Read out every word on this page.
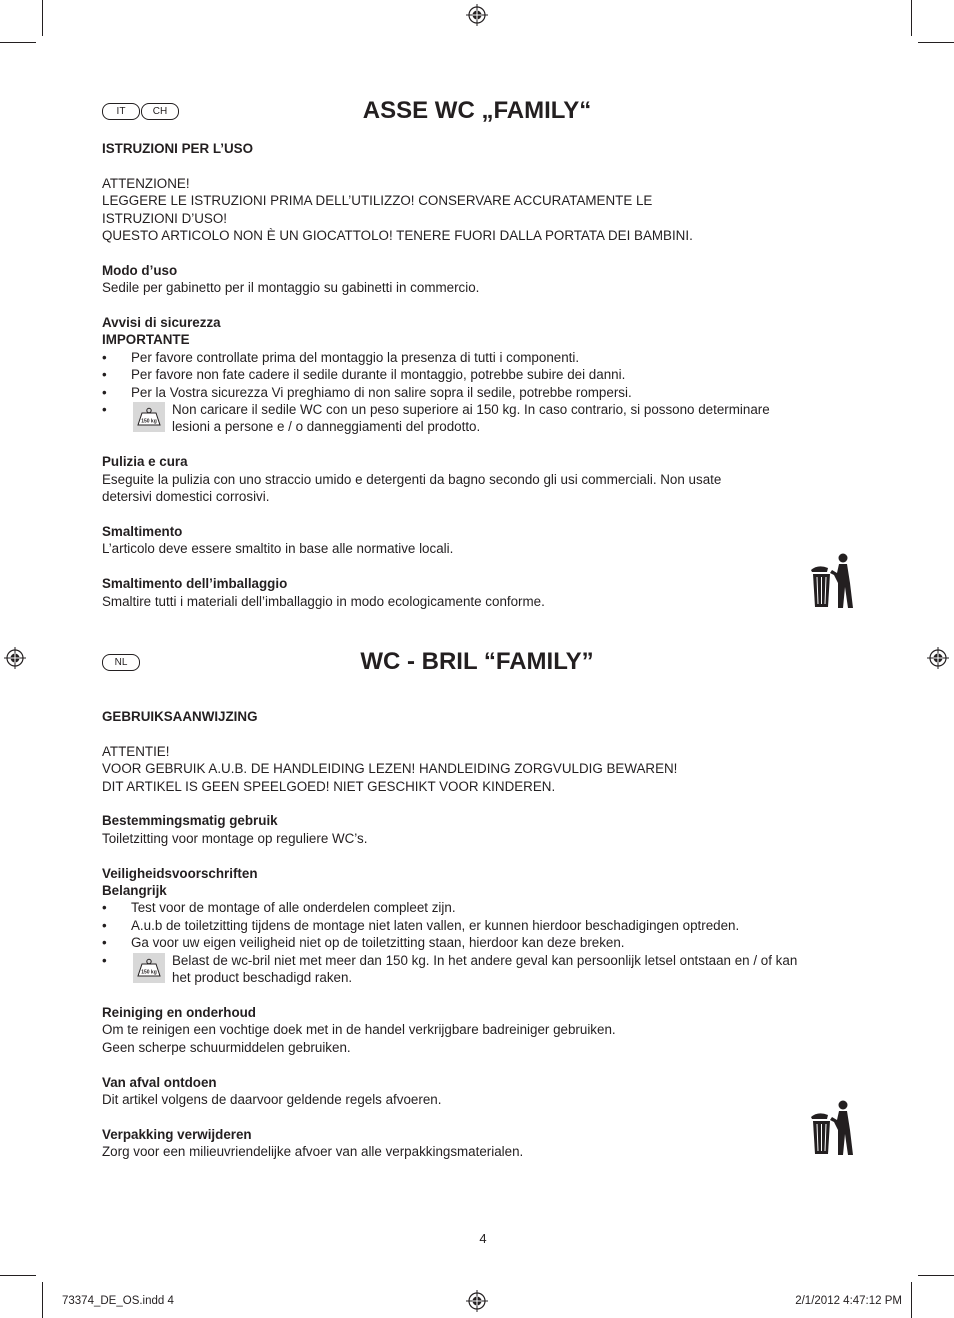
IT	CH	ASSE WC „FAMILY“
ISTRUZIONI PER L’USO
ATTENZIONE!
LEGGERE LE ISTRUZIONI PRIMA DELL’UTILIZZO! CONSERVARE ACCURATAMENTE LE
ISTRUZIONI D’USO!
QUESTO ARTICOLO NON È UN GIOCATTOLO! TENERE FUORI DALLA PORTATA DEI BAMBINI.
Modo d’uso
Sedile per gabinetto per il montaggio su gabinetti in commercio.
Avvisi di sicurezza
IMPORTANTE
• Per favore controllate prima del montaggio la presenza di tutti i componenti.
• Per favore non fate cadere il sedile durante il montaggio, potrebbe subire dei danni.
• Per la Vostra sicurezza Vi preghiamo di non salire sopra il sedile, potrebbe rompersi.
•
150 kg
Non caricare il sedile WC con un peso superiore ai 150 kg. In caso contrario, si possono determinare
lesioni a persone e / o danneggiamenti del prodotto.
Pulizia e cura
Eseguite la pulizia con uno straccio umido e detergenti da bagno secondo gli usi commerciali. Non usate
detersivi domestici corrosivi.
Smaltimento
L’articolo deve essere smaltito in base alle normative locali.
Smaltimento dell’imballaggio
Smaltire tutti i materiali dell’imballaggio in modo ecologicamente conforme.
NL	WC - BRIL “FAMILY”
GEBRUIKSAANWIJZING
ATTENTIE!
VOOR GEBRUIK A.U.B. DE HANDLEIDING LEZEN! HANDLEIDING ZORGVULDIG BEWAREN!
DIT ARTIKEL IS GEEN SPEELGOED! NIET GESCHIKT VOOR KINDEREN.
Bestemmingsmatig gebruik
Toiletzitting voor montage op reguliere WC’s.
Veiligheidsvoorschriften
Belangrijk
• Test voor de montage of alle onderdelen compleet zijn.
• A.u.b de toiletzitting tijdens de montage niet laten vallen, er kunnen hierdoor beschadigingen optreden.
• Ga voor uw eigen veiligheid niet op de toiletzitting staan, hierdoor kan deze breken.
•
150 kg
Belast de wc-bril niet met meer dan 150 kg. In het andere geval kan persoonlijk letsel ontstaan en / of kan
het product beschadigd raken.
Reiniging en onderhoud
Om te reinigen een vochtige doek met in de handel verkrijgbare badreiniger gebruiken.
Geen scherpe schuurmiddelen gebruiken.
Van afval ontdoen
Dit artikel volgens de daarvoor geldende regels afvoeren.
Verpakking verwijderen
Zorg voor een milieuvriendelijke afvoer van alle verpakkingsmaterialen.
4
73374_DE_OS.indd 4	2/1/2012 4:47:12 PM
